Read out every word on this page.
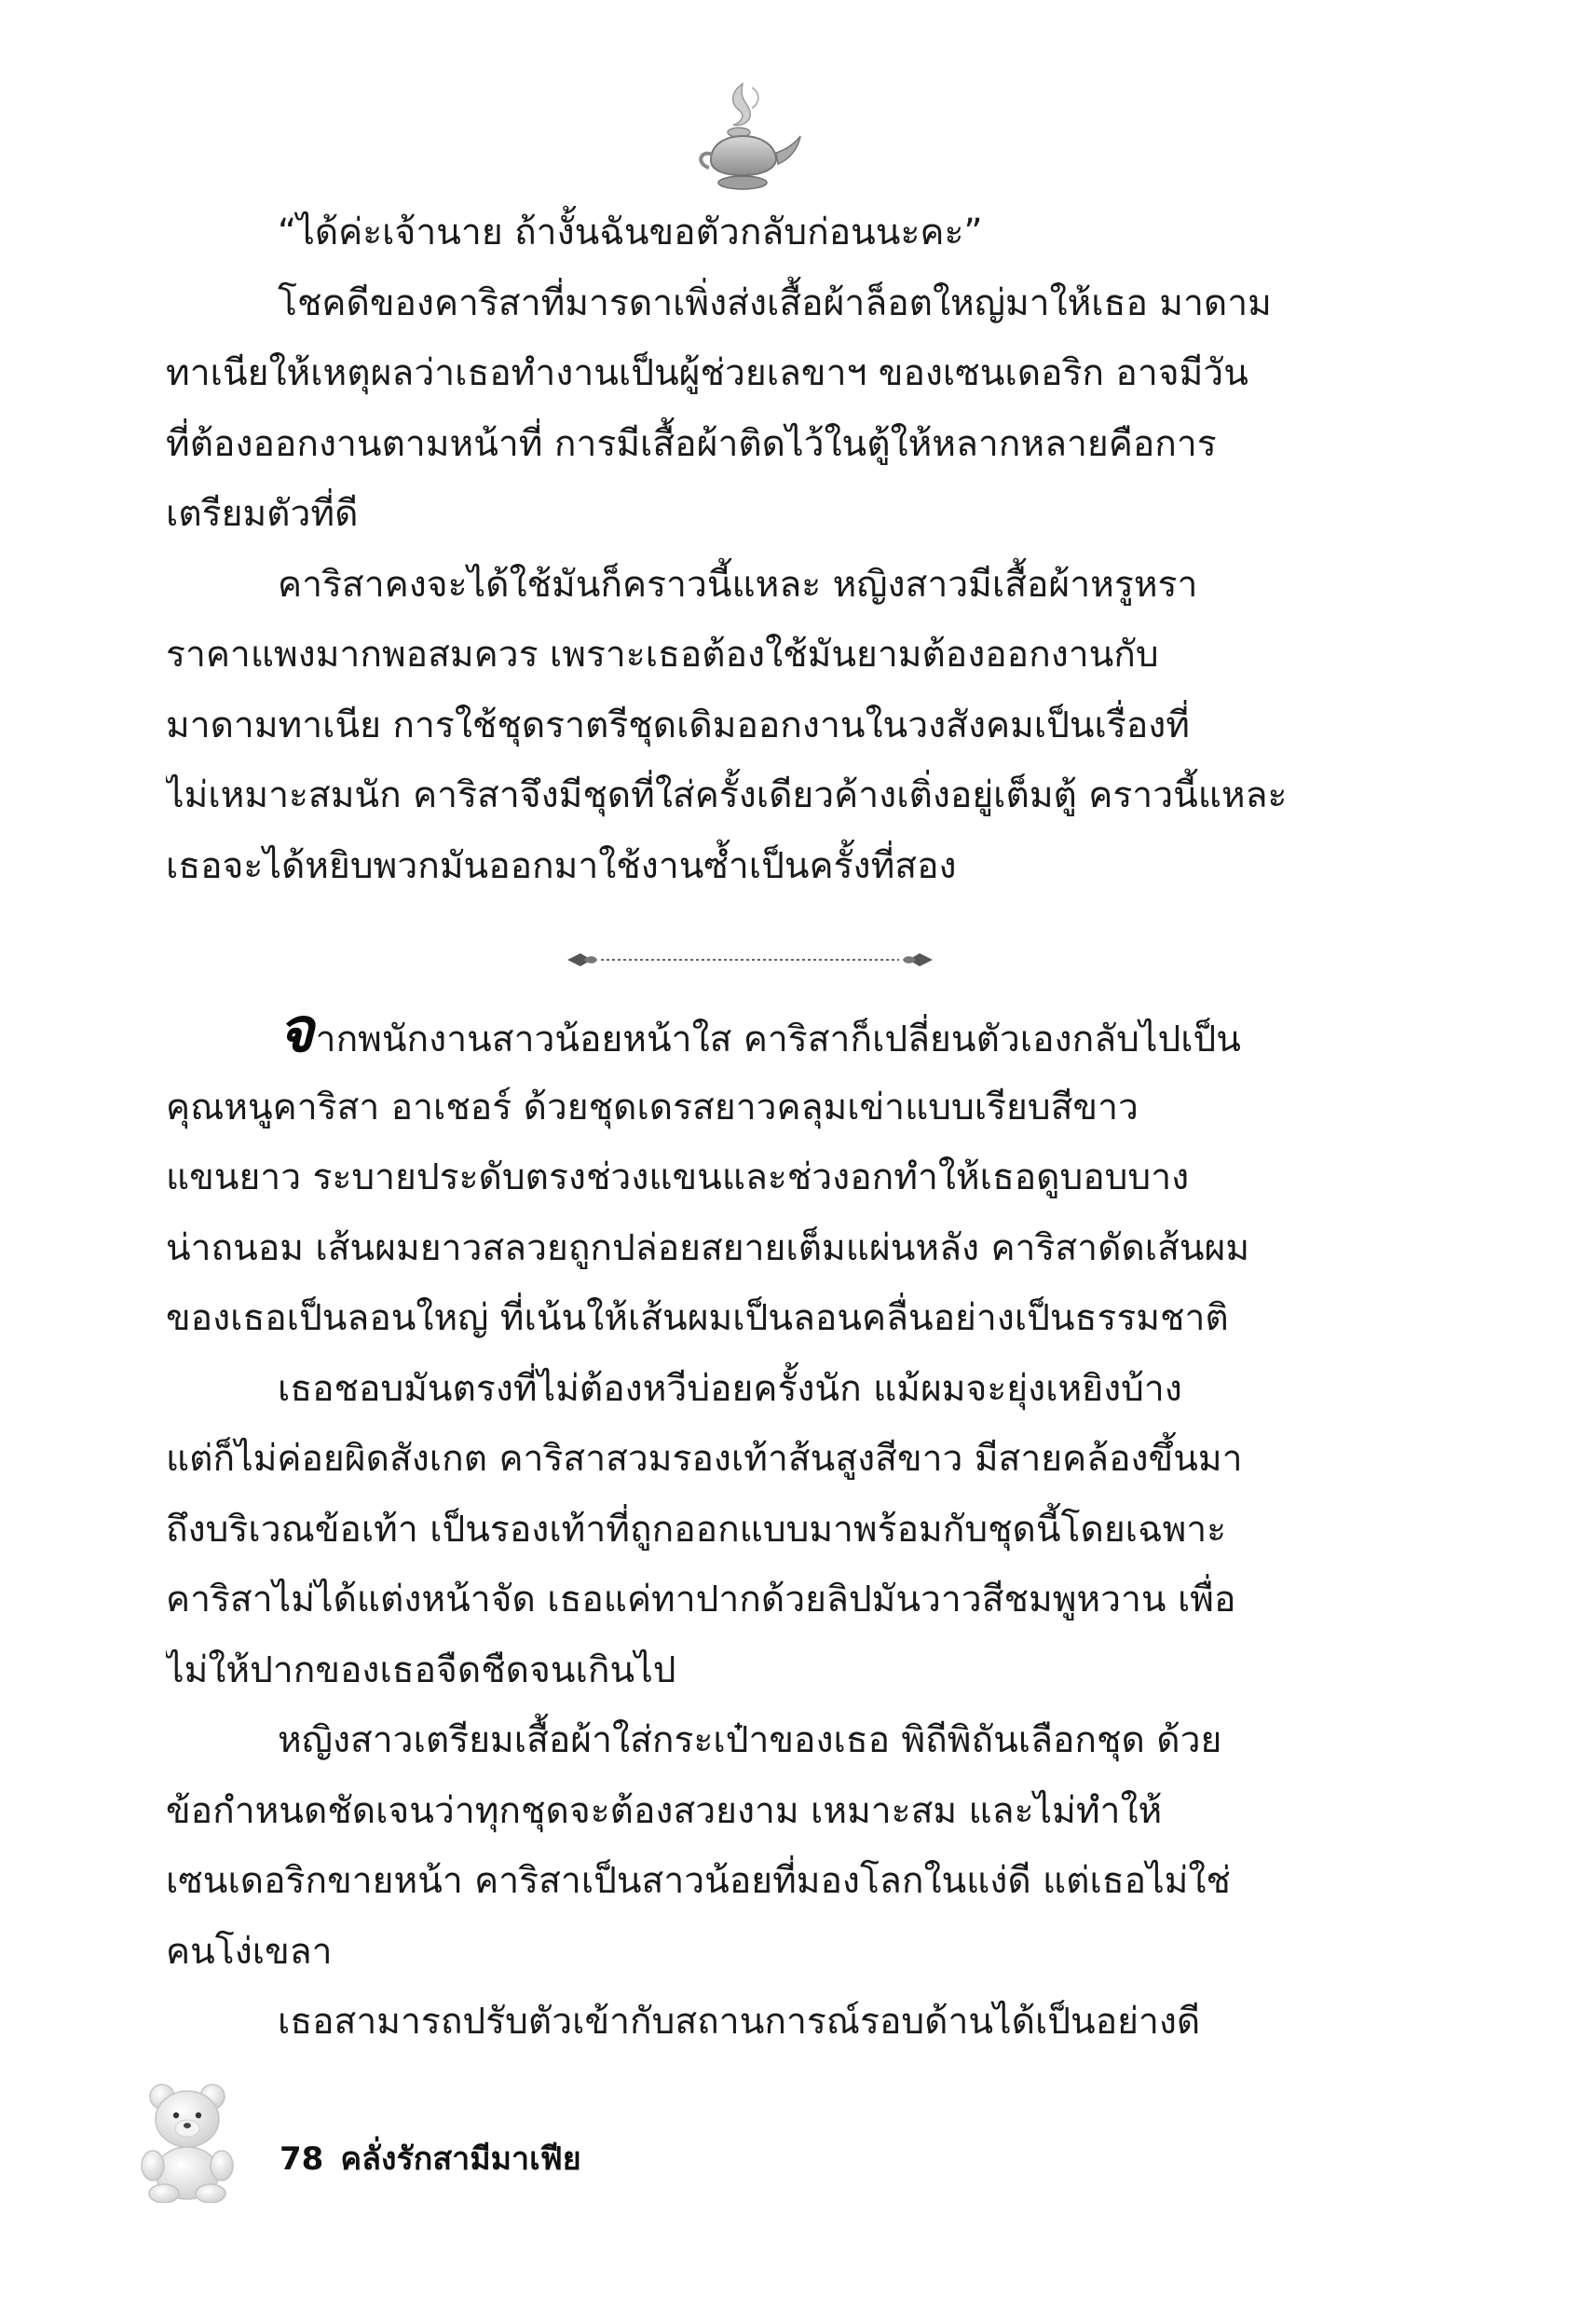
“ได้ค่ะเจ้านาย ถ้างั้นฉันขอตัวกลับก่อนนะคะ”
โชคดีของคาริสาที่มารดาเพิ่งส่งเสื้อผ้าล็อตใหญ่มาให้เธอ มาดาม
ทาเนียให้เหตุผลว่าเธอทำงานเป็นผู้ช่วยเลขาฯ ของเซนเดอริก อาจมีวัน
ที่ต้องออกงานตามหน้าที่ การมีเสื้อผ้าติดไว้ในตู้ให้หลากหลายคือการ
เตรียมตัวที่ดี
คาริสาคงจะได้ใช้มันก็คราวนี้แหละ หญิงสาวมีเสื้อผ้าหรูหรา
ราคาแพงมากพอสมควร เพราะเธอต้องใช้มันยามต้องออกงานกับ
มาดามทาเนีย การใช้ชุดราตรีชุดเดิมออกงานในวงสังคมเป็นเรื่องที่
ไม่เหมาะสมนัก คาริสาจึงมีชุดที่ใส่ครั้งเดียวค้างเติ่งอยู่เต็มตู้ คราวนี้แหละ
เธอจะได้หยิบพวกมันออกมาใช้งานซ้ำเป็นครั้งที่สอง
จากพนักงานสาวน้อยหน้าใส คาริสาก็เปลี่ยนตัวเองกลับไปเป็น
คุณหนูคาริสา อาเชอร์ ด้วยชุดเดรสยาวคลุมเข่าแบบเรียบสีขาว
แขนยาว ระบายประดับตรงช่วงแขนและช่วงอกทำให้เธอดูบอบบาง
น่าถนอม เส้นผมยาวสลวยถูกปล่อยสยายเต็มแผ่นหลัง คาริสาดัดเส้นผม
ของเธอเป็นลอนใหญ่ ที่เน้นให้เส้นผมเป็นลอนคลื่นอย่างเป็นธรรมชาติ
เธอชอบมันตรงที่ไม่ต้องหวีบ่อยครั้งนัก แม้ผมจะยุ่งเหยิงบ้าง
แต่ก็ไม่ค่อยผิดสังเกต คาริสาสวมรองเท้าส้นสูงสีขาว มีสายคล้องขึ้นมา
ถึงบริเวณข้อเท้า เป็นรองเท้าที่ถูกออกแบบมาพร้อมกับชุดนี้โดยเฉพาะ
คาริสาไม่ได้แต่งหน้าจัด เธอแค่ทาปากด้วยลิปมันวาวสีชมพูหวาน เพื่อ
ไม่ให้ปากของเธอจืดชืดจนเกินไป
หญิงสาวเตรียมเสื้อผ้าใส่กระเป๋าของเธอ พิถีพิถันเลือกชุด ด้วย
ข้อกำหนดชัดเจนว่าทุกชุดจะต้องสวยงาม เหมาะสม และไม่ทำให้
เซนเดอริกขายหน้า คาริสาเป็นสาวน้อยที่มองโลกในแง่ดี แต่เธอไม่ใช่
คนโง่เขลา
เธอสามารถปรับตัวเข้ากับสถานการณ์รอบด้านได้เป็นอย่างดี
78 คลั่งรักสามีมาเฟีย
